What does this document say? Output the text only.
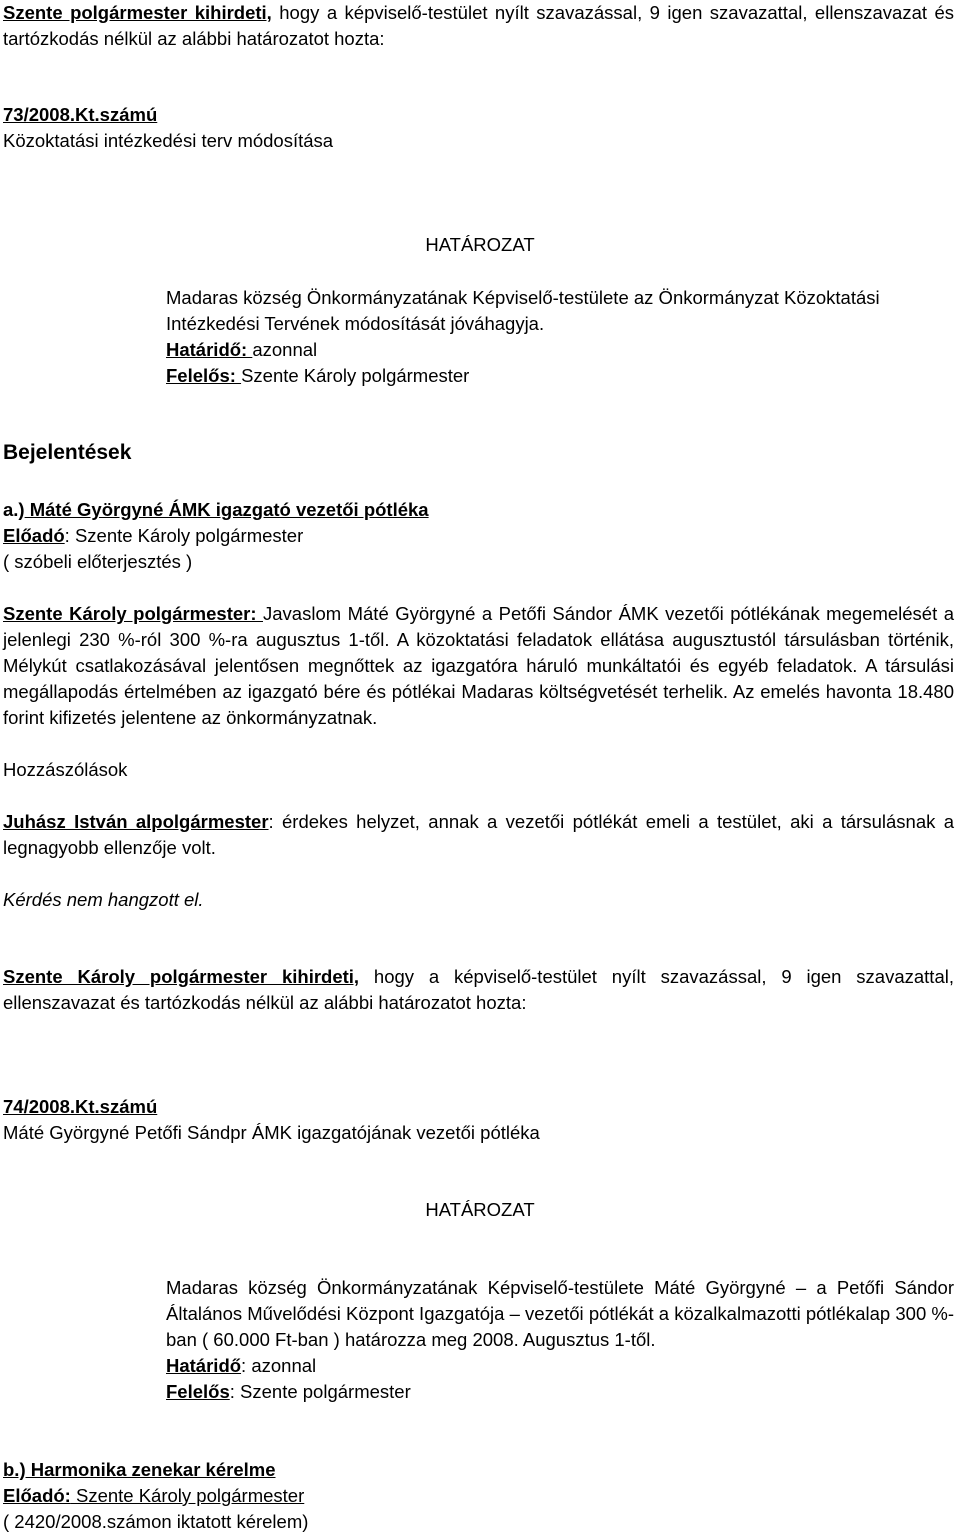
Szente polgármester kihirdeti, hogy a képviselő-testület nyílt szavazással, 9 igen szavazattal, ellenszavazat és
tartózkodás nélkül az alábbi határozatot hozta:
73/2008.Kt.számú
Közoktatási intézkedési terv módosítása
HATÁROZAT
Madaras község Önkormányzatának Képviselő-testülete az Önkormányzat Közoktatási
Intézkedési Tervének módosítását jóváhagyja.
Határidő: azonnal
Felelős: Szente Károly polgármester
Bejelentések
a.) Máté Györgyné ÁMK igazgató vezetői pótléka
Előadó: Szente Károly polgármester
( szóbeli előterjesztés )
Szente Károly polgármester: Javaslom Máté Györgyné a Petőfi Sándor ÁMK vezetői pótlékának megemelését a
jelenlegi 230 %-ról 300 %-ra augusztus 1-től. A közoktatási feladatok ellátása augusztustól társulásban történik,
Mélykút csatlakozásával jelentősen megnőttek az igazgatóra háruló munkáltatói és egyéb feladatok. A társulási
megállapodás értelmében az igazgató bére és pótlékai Madaras költségvetését terhelik. Az emelés havonta 18.480
forint kifizetés jelentene az önkormányzatnak.
Hozzászólások
Juhász István alpolgármester: érdekes helyzet, annak a vezetői pótlékát emeli a testület, aki a társulásnak a
legnagyobb ellenzője volt.
Kérdés nem hangzott el.
Szente Károly polgármester kihirdeti, hogy a képviselő-testület nyílt szavazással, 9 igen szavazattal,
ellenszavazat és tartózkodás nélkül az alábbi határozatot hozta:
74/2008.Kt.számú
Máté Györgyné Petőfi Sándpr ÁMK igazgatójának vezetői pótléka
HATÁROZAT
Madaras község Önkormányzatának Képviselő-testülete Máté Györgyné – a Petőfi Sándor
Általános Művelődési Központ Igazgatója – vezetői pótlékát a közalkalmazotti pótlékalap 300 %-
ban ( 60.000 Ft-ban ) határozza meg 2008. Augusztus 1-től.
Határidő: azonnal
Felelős: Szente polgármester
b.) Harmonika zenekar kérelme
Előadó: Szente Károly polgármester
( 2420/2008.számon iktatott kérelem)
